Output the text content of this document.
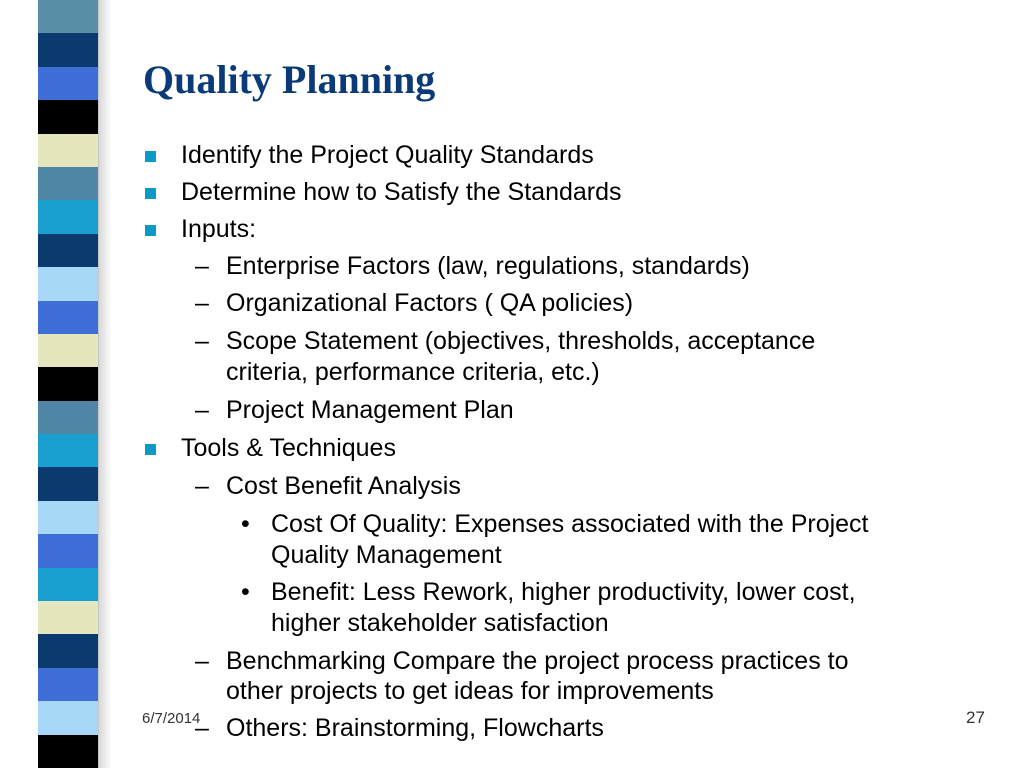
Quality Planning
Identify the Project Quality Standards
Determine how to Satisfy the Standards
Inputs:
– Enterprise Factors (law, regulations, standards)
– Organizational Factors ( QA policies)
– Scope Statement (objectives, thresholds, acceptance
criteria, performance criteria, etc.)
– Project Management Plan
Tools & Techniques
– Cost Benefit Analysis
• Cost Of Quality: Expenses associated with the Project
Quality Management
• Benefit: Less Rework, higher productivity, lower cost,
higher stakeholder satisfaction
– Benchmarking Compare the project process practices to
other projects to get ideas for improvements
– Others: Brainstorming, Flowcharts
6/7/2014	27
